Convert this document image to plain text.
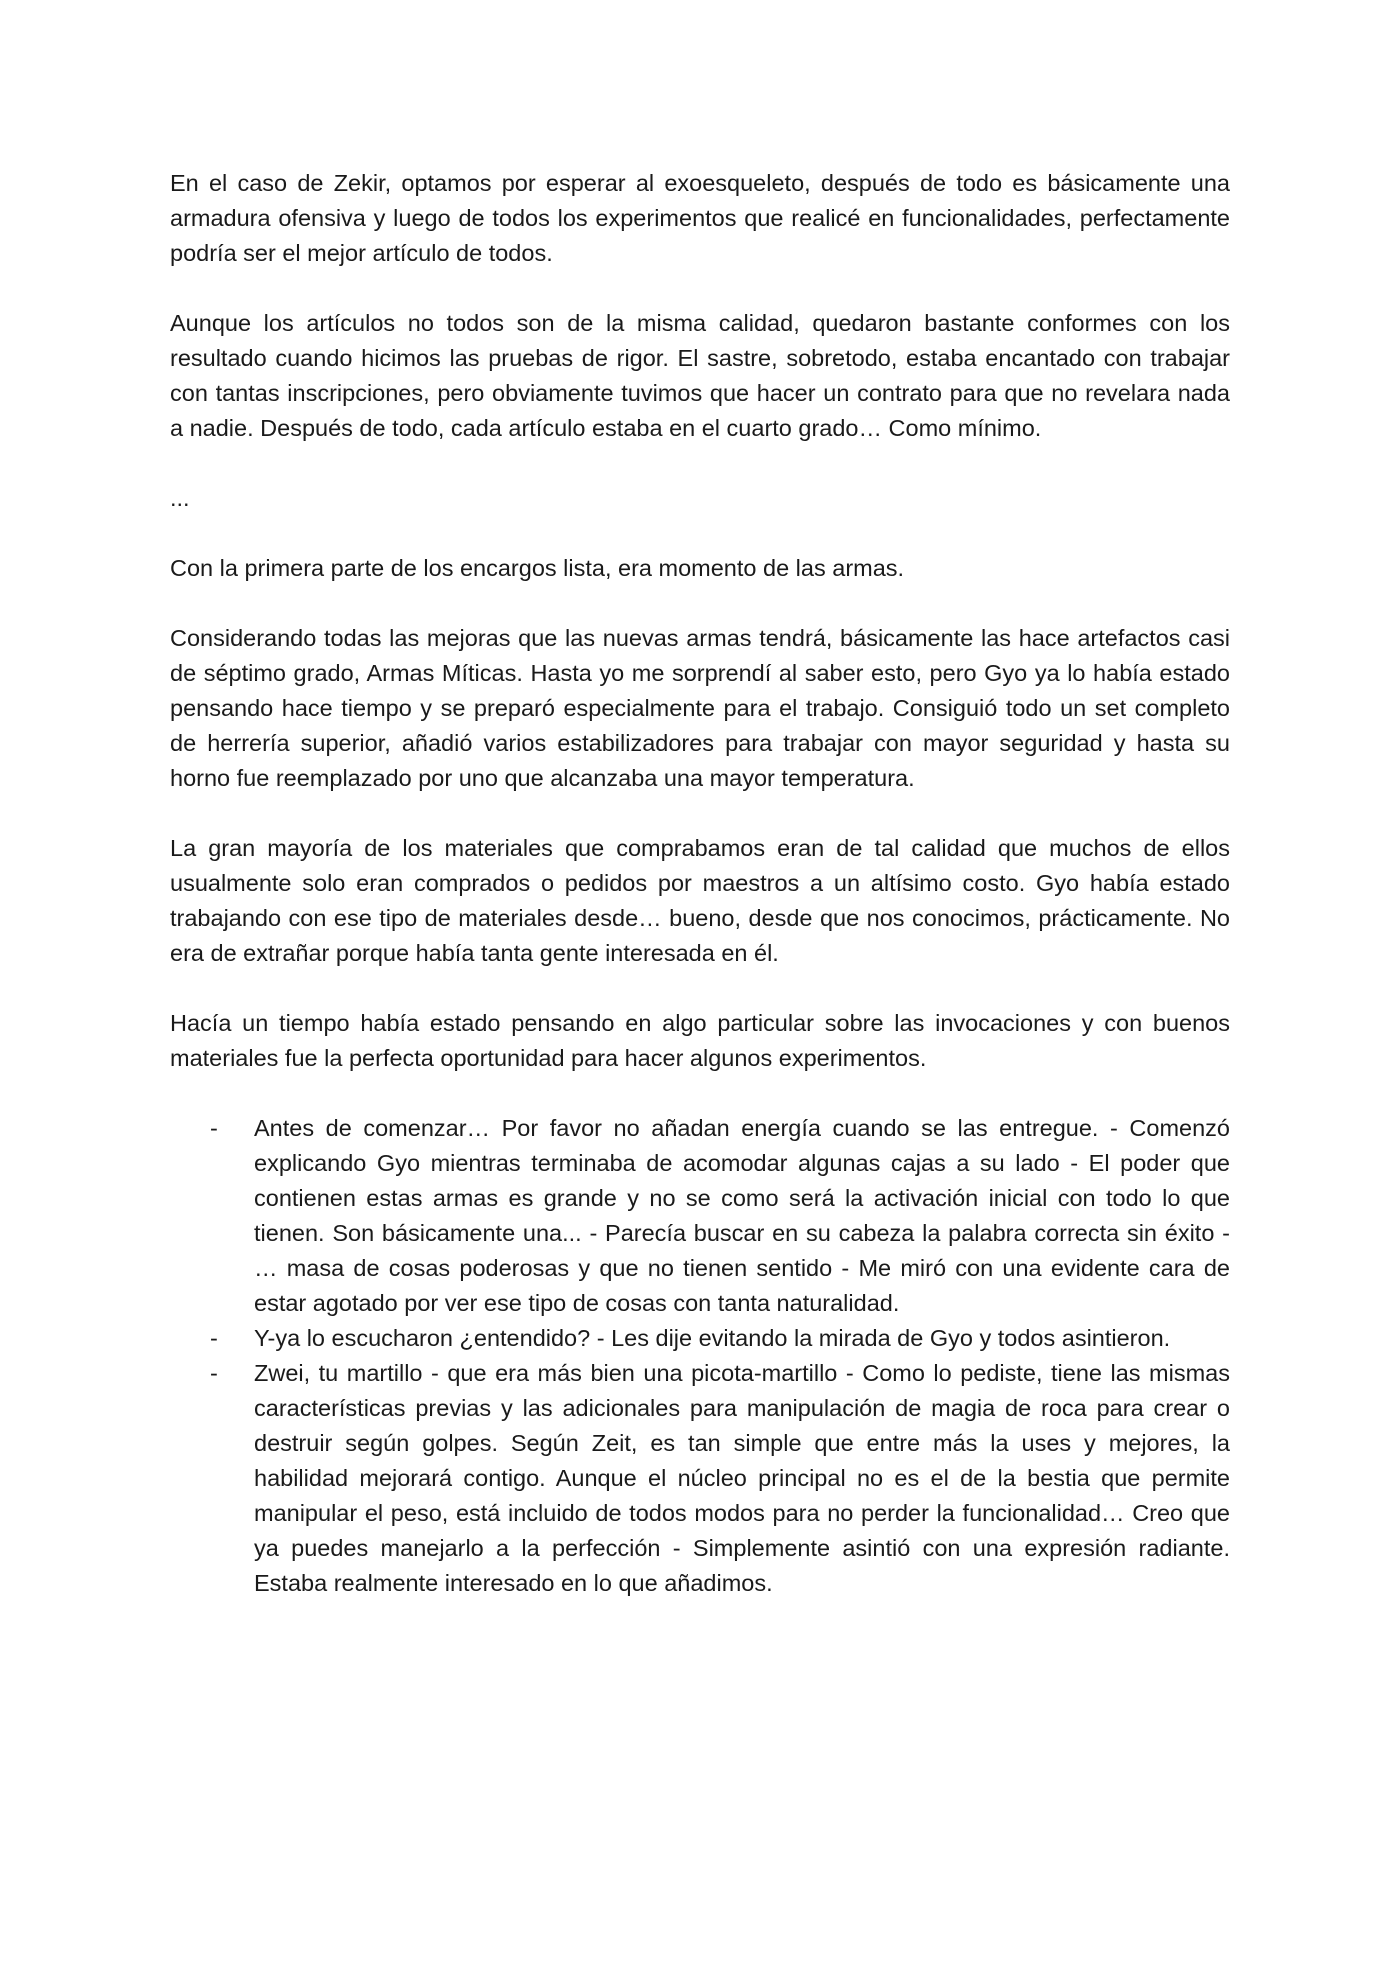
En el caso de Zekir, optamos por esperar al exoesqueleto, después de todo es básicamente una armadura ofensiva y luego de todos los experimentos que realicé en funcionalidades, perfectamente podría ser el mejor artículo de todos.

Aunque los artículos no todos son de la misma calidad, quedaron bastante conformes con los resultado cuando hicimos las pruebas de rigor. El sastre, sobretodo, estaba encantado con trabajar con tantas inscripciones, pero obviamente tuvimos que hacer un contrato para que no revelara nada a nadie. Después de todo, cada artículo estaba en el cuarto grado… Como mínimo.

...

Con la primera parte de los encargos lista, era momento de las armas.

Considerando todas las mejoras que las nuevas armas tendrá, básicamente las hace artefactos casi de séptimo grado, Armas Míticas. Hasta yo me sorprendí al saber esto, pero Gyo ya lo había estado pensando hace tiempo y se preparó especialmente para el trabajo. Consiguió todo un set completo de herrería superior, añadió varios estabilizadores para trabajar con mayor seguridad y hasta su horno fue reemplazado por uno que alcanzaba una mayor temperatura.

La gran mayoría de los materiales que comprabamos eran de tal calidad que muchos de ellos usualmente solo eran comprados o pedidos por maestros a un altísimo costo. Gyo había estado trabajando con ese tipo de materiales desde… bueno, desde que nos conocimos, prácticamente. No era de extrañar porque había tanta gente interesada en él.

Hacía un tiempo había estado pensando en algo particular sobre las invocaciones y con buenos materiales fue la perfecta oportunidad para hacer algunos experimentos.

- Antes de comenzar… Por favor no añadan energía cuando se las entregue. - Comenzó explicando Gyo mientras terminaba de acomodar algunas cajas a su lado - El poder que contienen estas armas es grande y no se como será la activación inicial con todo lo que tienen. Son básicamente una... - Parecía buscar en su cabeza la palabra correcta sin éxito - … masa de cosas poderosas y que no tienen sentido - Me miró con una evidente cara de estar agotado por ver ese tipo de cosas con tanta naturalidad.
- Y-ya lo escucharon ¿entendido? - Les dije evitando la mirada de Gyo y todos asintieron.
- Zwei, tu martillo - que era más bien una picota-martillo - Como lo pediste, tiene las mismas características previas y las adicionales para manipulación de magia de roca para crear o destruir según golpes. Según Zeit, es tan simple que entre más la uses y mejores, la habilidad mejorará contigo. Aunque el núcleo principal no es el de la bestia que permite manipular el peso, está incluido de todos modos para no perder la funcionalidad… Creo que ya puedes manejarlo a la perfección - Simplemente asintió con una expresión radiante. Estaba realmente interesado en lo que añadimos.
